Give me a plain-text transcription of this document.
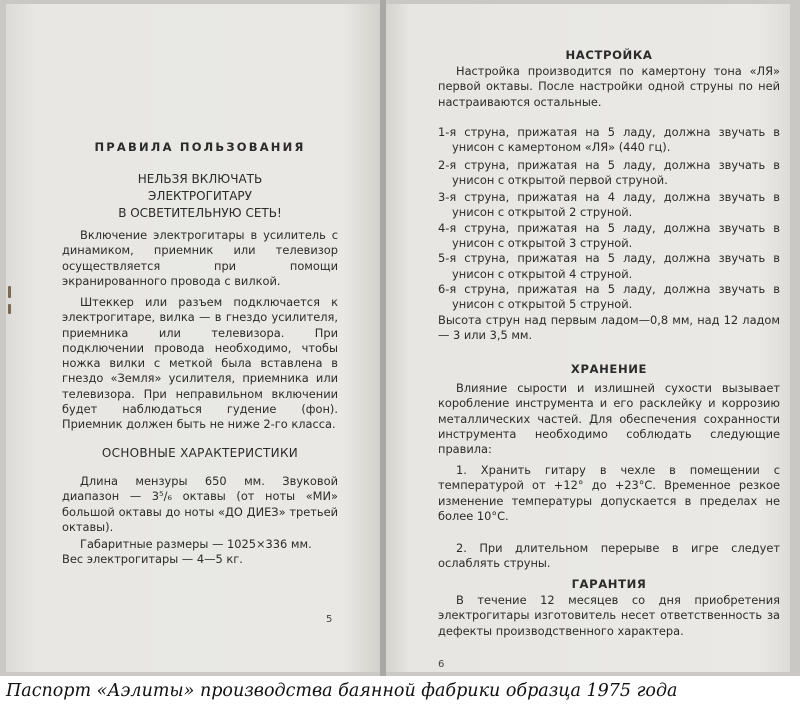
ПРАВИЛА ПОЛЬЗОВАНИЯ
НЕЛЬЗЯ ВКЛЮЧАТЬ
ЭЛЕКТРОГИТАРУ
В ОСВЕТИТЕЛЬНУЮ СЕТЬ!
Включение электрогитары в усилитель с динамиком, приемник или телевизор осуществляется при помощи экранированного провода с вилкой.
Штеккер или разъем подключается к электрогитаре, вилка — в гнездо усилителя, приемника или телевизора. При подключении провода необходимо, чтобы ножка вилки с меткой была вставлена в гнездо «Земля» усилителя, приемника или телевизора. При неправильном включении будет наблюдаться гудение (фон). Приемник должен быть не ниже 2-го класса.
ОСНОВНЫЕ ХАРАКТЕРИСТИКИ
Длина мензуры 650 мм. Звуковой диапазон — 3⁵/₆ октавы (от ноты «МИ» большой октавы до ноты «ДО ДИЕЗ» третьей октавы).
Габаритные размеры — 1025×336 мм.
Вес электрогитары — 4—5 кг.
5
НАСТРОЙКА
Настройка производится по камертону тона «ЛЯ» первой октавы. После настройки одной струны по ней настраиваются остальные.
1-я струна, прижатая на 5 ладу, должна звучать в унисон с камертоном «ЛЯ» (440 гц).
2-я струна, прижатая на 5 ладу, должна звучать в унисон с открытой первой струной.
3-я струна, прижатая на 4 ладу, должна звучать в унисон с открытой 2 струной.
4-я струна, прижатая на 5 ладу, должна звучать в унисон с открытой 3 струной.
5-я струна, прижатая на 5 ладу, должна звучать в унисон с открытой 4 струной.
6-я струна, прижатая на 5 ладу, должна звучать в унисон с открытой 5 струной.
Высота струн над первым ладом—0,8 мм, над 12 ладом — 3 или 3,5 мм.
ХРАНЕНИЕ
Влияние сырости и излишней сухости вызывает коробление инструмента и его расклейку и коррозию металлических частей. Для обеспечения сохранности инструмента необходимо соблюдать следующие правила:
1. Хранить гитару в чехле в помещении с температурой от +12° до +23°С. Временное резкое изменение температуры допускается в пределах не более 10°С.
2. При длительном перерыве в игре следует ослаблять струны.
ГАРАНТИЯ
В течение 12 месяцев со дня приобретения электрогитары изготовитель несет ответственность за дефекты производственного характера.
6
Паспорт «Аэлиты» производства баянной фабрики образца 1975 года
